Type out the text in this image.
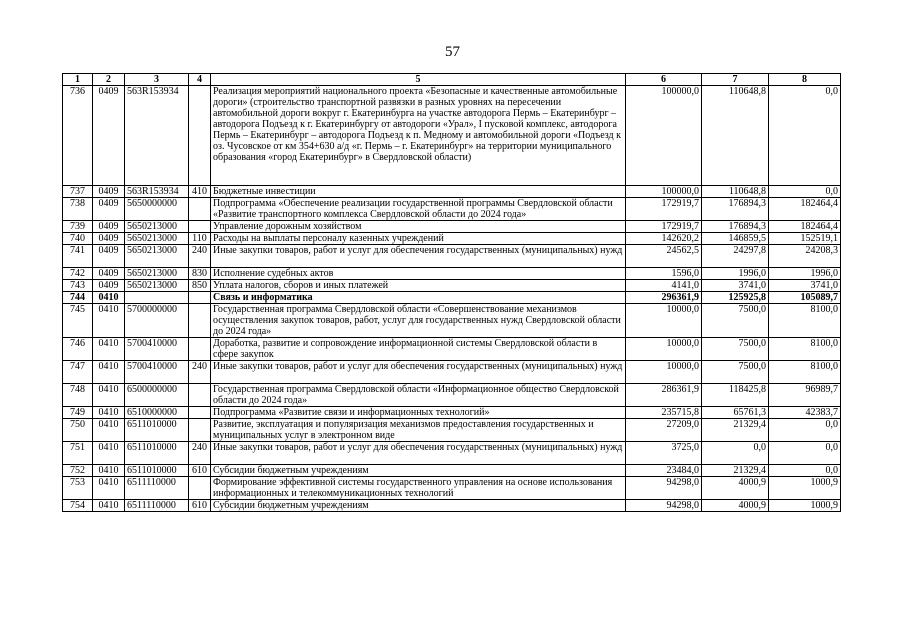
57
1	2	3	4	5	6	7	8
736	0409	563R153934		Реализация мероприятий национального проекта «Безопасные и качественные автомобильные дороги» (строительство транспортной развязки в разных уровнях на пересечении автомобильной дороги вокруг г. Екатеринбурга на участке автодорога Пермь – Екатеринбург – автодорога Подъезд к г. Екатеринбургу от автодороги «Урал», I пусковой комплекс, автодорога Пермь – Екатеринбург – автодорога Подъезд к п. Медному и автомобильной дороги «Подъезд к оз. Чусовское от км 354+630 а/д «г. Пермь – г. Екатеринбург» на территории муниципального образования «город Екатеринбург» в Свердловской области)	100000,0	110648,8	0,0
737	0409	563R153934	410	Бюджетные инвестиции	100000,0	110648,8	0,0
738	0409	5650000000		Подпрограмма «Обеспечение реализации государственной программы Свердловской области «Развитие транспортного комплекса Свердловской области до 2024 года»	172919,7	176894,3	182464,4
739	0409	5650213000		Управление дорожным хозяйством	172919,7	176894,3	182464,4
740	0409	5650213000	110	Расходы на выплаты персоналу казенных учреждений	142620,2	146859,5	152519,1
741	0409	5650213000	240	Иные закупки товаров, работ и услуг для обеспечения государственных (муниципальных) нужд	24562,5	24297,8	24208,3
742	0409	5650213000	830	Исполнение судебных актов	1596,0	1996,0	1996,0
743	0409	5650213000	850	Уплата налогов, сборов и иных платежей	4141,0	3741,0	3741,0
744	0410			Связь и информатика	296361,9	125925,8	105089,7
745	0410	5700000000		Государственная программа Свердловской области «Совершенствование механизмов осуществления закупок товаров, работ, услуг для государственных нужд Свердловской области до 2024 года»	10000,0	7500,0	8100,0
746	0410	5700410000		Доработка, развитие и сопровождение информационной системы Свердловской области в сфере закупок	10000,0	7500,0	8100,0
747	0410	5700410000	240	Иные закупки товаров, работ и услуг для обеспечения государственных (муниципальных) нужд	10000,0	7500,0	8100,0
748	0410	6500000000		Государственная программа Свердловской области «Информационное общество Свердловской области до 2024 года»	286361,9	118425,8	96989,7
749	0410	6510000000		Подпрограмма «Развитие связи и информационных технологий»	235715,8	65761,3	42383,7
750	0410	6511010000		Развитие, эксплуатация и популяризация механизмов предоставления государственных и муниципальных услуг в электронном виде	27209,0	21329,4	0,0
751	0410	6511010000	240	Иные закупки товаров, работ и услуг для обеспечения государственных (муниципальных) нужд	3725,0	0,0	0,0
752	0410	6511010000	610	Субсидии бюджетным учреждениям	23484,0	21329,4	0,0
753	0410	6511110000		Формирование эффективной системы государственного управления на основе использования информационных и телекоммуникационных технологий	94298,0	4000,9	1000,9
754	0410	6511110000	610	Субсидии бюджетным учреждениям	94298,0	4000,9	1000,9
